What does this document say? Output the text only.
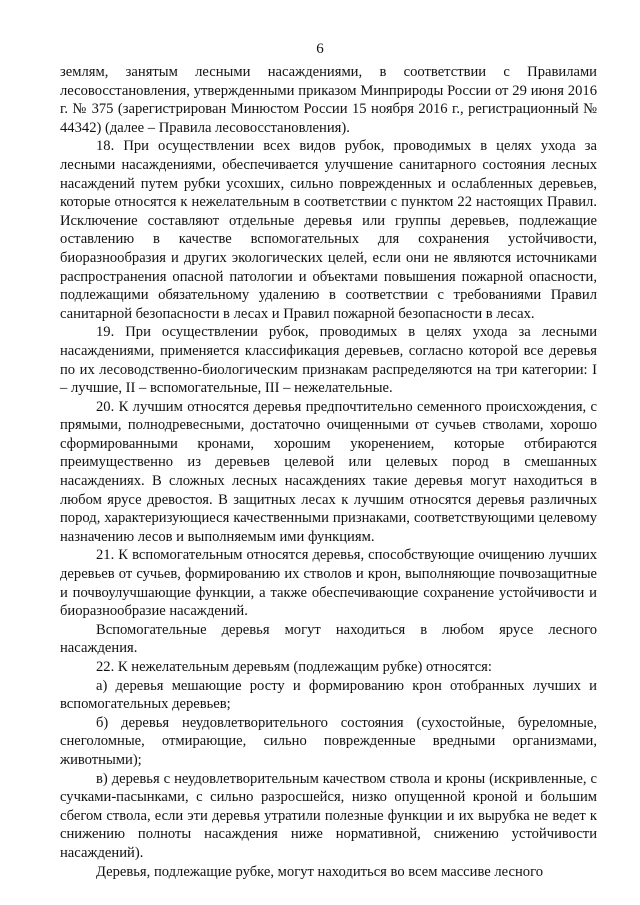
6

землям, занятым лесными насаждениями, в соответствии с Правилами лесовосстановления, утвержденными приказом Минприроды России от 29 июня 2016 г. № 375 (зарегистрирован Минюстом России 15 ноября 2016 г., регистрационный № 44342) (далее – Правила лесовосстановления).

18. При осуществлении всех видов рубок, проводимых в целях ухода за лесными насаждениями, обеспечивается улучшение санитарного состояния лесных насаждений путем рубки усохших, сильно поврежденных и ослабленных деревьев, которые относятся к нежелательным в соответствии с пунктом 22 настоящих Правил. Исключение составляют отдельные деревья или группы деревьев, подлежащие оставлению в качестве вспомогательных для сохранения устойчивости, биоразнообразия и других экологических целей, если они не являются источниками распространения опасной патологии и объектами повышения пожарной опасности, подлежащими обязательному удалению в соответствии с требованиями Правил санитарной безопасности в лесах и Правил пожарной безопасности в лесах.

19. При осуществлении рубок, проводимых в целях ухода за лесными насаждениями, применяется классификация деревьев, согласно которой все деревья по их лесоводственно-биологическим признакам распределяются на три категории: I – лучшие, II – вспомогательные, III – нежелательные.

20. К лучшим относятся деревья предпочтительно семенного происхождения, с прямыми, полнодревесными, достаточно очищенными от сучьев стволами, хорошо сформированными кронами, хорошим укоренением, которые отбираются преимущественно из деревьев целевой или целевых пород в смешанных насаждениях. В сложных лесных насаждениях такие деревья могут находиться в любом ярусе древостоя. В защитных лесах к лучшим относятся деревья различных пород, характеризующиеся качественными признаками, соответствующими целевому назначению лесов и выполняемым ими функциям.

21. К вспомогательным относятся деревья, способствующие очищению лучших деревьев от сучьев, формированию их стволов и крон, выполняющие почвозащитные и почвоулучшающие функции, а также обеспечивающие сохранение устойчивости и биоразнообразие насаждений.

Вспомогательные деревья могут находиться в любом ярусе лесного насаждения.

22. К нежелательным деревьям (подлежащим рубке) относятся:

а) деревья мешающие росту и формированию крон отобранных лучших и вспомогательных деревьев;

б) деревья неудовлетворительного состояния (сухостойные, буреломные, снеголомные, отмирающие, сильно поврежденные вредными организмами, животными);

в) деревья с неудовлетворительным качеством ствола и кроны (искривленные, с сучками-пасынками, с сильно разросшейся, низко опущенной кроной и большим сбегом ствола, если эти деревья утратили полезные функции и их вырубка не ведет к снижению полноты насаждения ниже нормативной, снижению устойчивости насаждений).

Деревья, подлежащие рубке, могут находиться во всем массиве лесного
